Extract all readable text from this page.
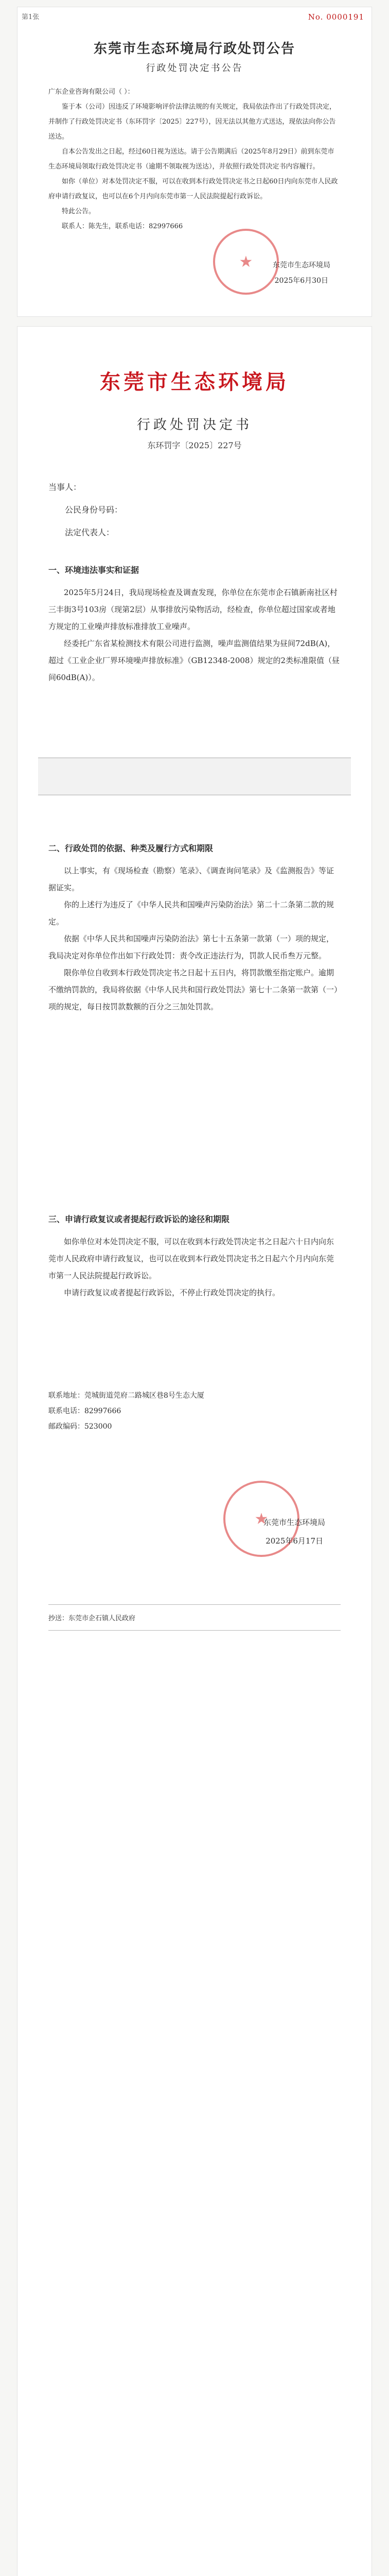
第1张	No. 0000191
东莞市生态环境局行政处罚公告
行政处罚决定书公告
广东企业咨询有限公司（ ）：

鉴于本（公司）因违反了环境影响评价法律法规的有关规定，我局依法作出了行政处罚决定，并制作了行政处罚决定书（东环罚字〔2025〕227号），因无法以其他方式送达，现依法向你公告送达。

自本公告发出之日起，经过60日视为送达。请于公告期满后（2025年8月29日）前到东莞市生态环境局领取行政处罚决定书（逾期不领取视为送达），并依照行政处罚决定书内容履行。

如你（单位）对本处罚决定不服，可以在收到本行政处罚决定书之日起60日内向东莞市人民政府申请行政复议，也可以在6个月内向东莞市第一人民法院提起行政诉讼。

特此公告。

联系人：陈先生，联系电话：82997666

★	东莞市生态环境局
2025年6月30日
东莞市生态环境局
行政处罚决定书
东环罚字〔2025〕227号
当事人：
公民身份号码：
法定代表人：
一、环境违法事实和证据

2025年5月24日，我局现场检查及调查发现，你单位在东莞市企石镇新南社区村三丰街3号103房（现第2层）从事排放污染物活动，经检查，你单位超过国家或者地方规定的工业噪声排放标准排放工业噪声。

经委托广东省某检测技术有限公司进行监测，噪声监测值结果为昼间72dB(A)，超过《工业企业厂界环境噪声排放标准》（GB12348-2008）规定的2类标准限值（昼间60dB(A)）。

二、行政处罚的依据、种类及履行方式和期限

以上事实，有《现场检查（勘察）笔录》、《调查询问笔录》及《监测报告》等证据证实。

你的上述行为违反了《中华人民共和国噪声污染防治法》第二十二条第二款的规定。

依据《中华人民共和国噪声污染防治法》第七十五条第一款第（一）项的规定，我局决定对你单位作出如下行政处罚：责令改正违法行为，罚款人民币叁万元整。

限你单位自收到本行政处罚决定书之日起十五日内，将罚款缴至指定账户。逾期不缴纳罚款的，我局将依据《中华人民共和国行政处罚法》第七十二条第一款第（一）项的规定，每日按罚款数额的百分之三加处罚款。

三、申请行政复议或者提起行政诉讼的途径和期限

如你单位对本处罚决定不服，可以在收到本行政处罚决定书之日起六十日内向东莞市人民政府申请行政复议，也可以在收到本行政处罚决定书之日起六个月内向东莞市第一人民法院提起行政诉讼。

申请行政复议或者提起行政诉讼，不停止行政处罚决定的执行。

联系地址：莞城街道莞府二路城区巷8号生态大厦
联系电话：82997666
邮政编码：523000
★
东莞市生态环境局
2025年6月17日
抄送：东莞市企石镇人民政府
